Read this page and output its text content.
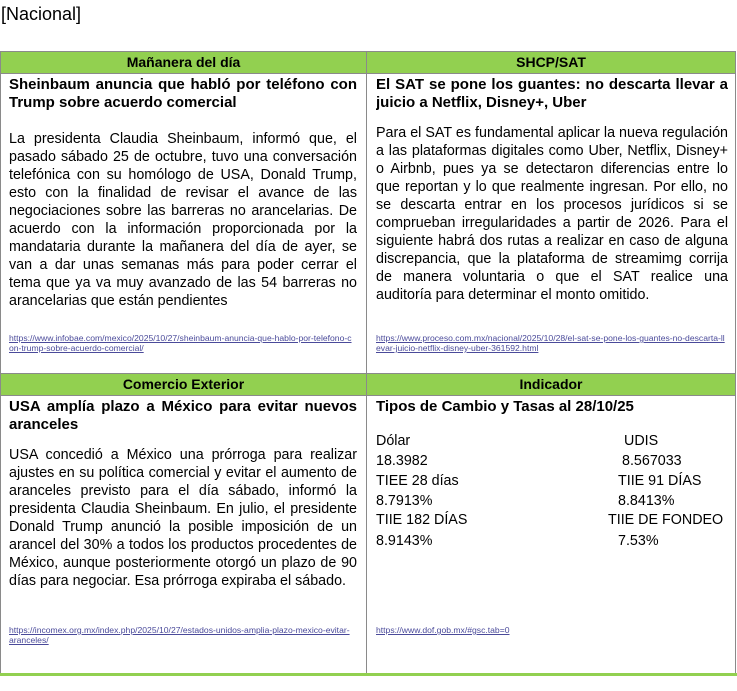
[Nacional]
Mañanera del día	SHCP/SAT

Sheinbaum anuncia que habló por teléfono con Trump sobre acuerdo comercial

La presidenta Claudia Sheinbaum, informó que, el pasado sábado 25 de octubre, tuvo una conversación telefónica con su homólogo de USA, Donald Trump, esto con la finalidad de revisar el avance de las negociaciones sobre las barreras no arancelarias. De acuerdo con la información proporcionada por la mandataria durante la mañanera del día de ayer, se van a dar unas semanas más para poder cerrar el tema que ya va muy avanzado de las 54 barreras no arancelarias que están pendientes

https://www.infobae.com/mexico/2025/10/27/sheinbaum-anuncia-que-hablo-por-telefono-con-trump-sobre-acuerdo-comercial/

El SAT se pone los guantes: no descarta llevar a juicio a Netflix, Disney+, Uber

Para el SAT es fundamental aplicar la nueva regulación a las plataformas digitales como Uber, Netflix, Disney+ o Airbnb, pues ya se detectaron diferencias entre lo que reportan y lo que realmente ingresan. Por ello, no se descarta entrar en los procesos jurídicos si se comprueban irregularidades a partir de 2026. Para el siguiente habrá dos rutas a realizar en caso de alguna discrepancia, que la plataforma de streamimg corrija de manera voluntaria o que el SAT realice una auditoría para determinar el monto omitido.

https://www.proceso.com.mx/nacional/2025/10/28/el-sat-se-pone-los-guantes-no-descarta-llevar-juicio-netflix-disney-uber-361592.html
Comercio Exterior	Indicador

USA amplía plazo a México para evitar nuevos aranceles

USA concedió a México una prórroga para realizar ajustes en su política comercial y evitar el aumento de aranceles previsto para el día sábado, informó la presidenta Claudia Sheinbaum. En julio, el presidente Donald Trump anunció la posible imposición de un arancel del 30% a todos los productos procedentes de México, aunque posteriormente otorgó un plazo de 90 días para negociar. Esa prórroga expiraba el sábado.

https://incomex.org.mx/index.php/2025/10/27/estados-unidos-amplia-plazo-mexico-evitar-aranceles/

Tipos de Cambio y Tasas al 28/10/25

Dólar
18.3982
UDIS
8.567033
TIEE 28 días
8.7913%
TIIE 91 DÍAS
8.8413%
TIIE 182 DÍAS
8.9143%
TIIE DE FONDEO
7.53%
https://www.dof.gob.mx/#gsc.tab=0
